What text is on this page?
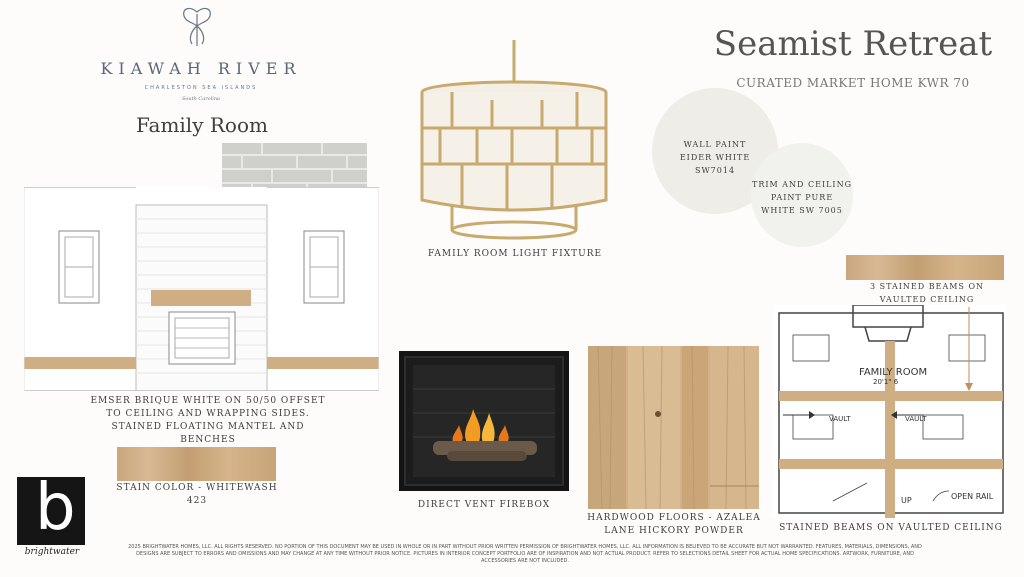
KIAWAH RIVER
CHARLESTON SEA ISLANDS
South Carolina
Family Room
Seamist Retreat
CURATED MARKET HOME KWR 70
EMSER BRIQUE WHITE ON 50/50 OFFSET TO CEILING AND WRAPPING SIDES. STAINED FLOATING MANTEL AND BENCHES
STAIN COLOR - WHITEWASH 423
b
brightwater
FAMILY ROOM LIGHT FIXTURE
WALL PAINT EIDER WHITE SW7014
TRIM AND CEILING PAINT PURE WHITE SW 7005
3 STAINED BEAMS ON VAULTED CEILING
DIRECT VENT FIREBOX
HARDWOOD FLOORS - AZALEA LANE HICKORY POWDER
FAMILY ROOM
20'1" 6
VAULT	VAULT
UP	OPEN RAIL
STAINED BEAMS ON VAULTED CEILING
2025 BRIGHTWATER HOMES, LLC. ALL RIGHTS RESERVED. NO PORTION OF THIS DOCUMENT MAY BE USED IN WHOLE OR IN PART WITHOUT PRIOR WRITTEN PERMISSION OF BRIGHTWATER HOMES, LLC. ALL INFORMATION IS BELIEVED TO BE ACCURATE BUT NOT WARRANTED. FEATURES, MATERIALS, DIMENSIONS, AND DESIGNS ARE SUBJECT TO ERRORS AND OMISSIONS AND MAY CHANGE AT ANY TIME WITHOUT PRIOR NOTICE. PICTURES IN INTERIOR CONCEPT PORTFOLIO ARE OF INSPIRATION AND NOT ACTUAL PRODUCT. REFER TO SELECTIONS DETAIL SHEET FOR ACTUAL HOME SPECIFICATIONS. ARTWORK, FURNITURE, AND ACCESSORIES ARE NOT INCLUDED.
